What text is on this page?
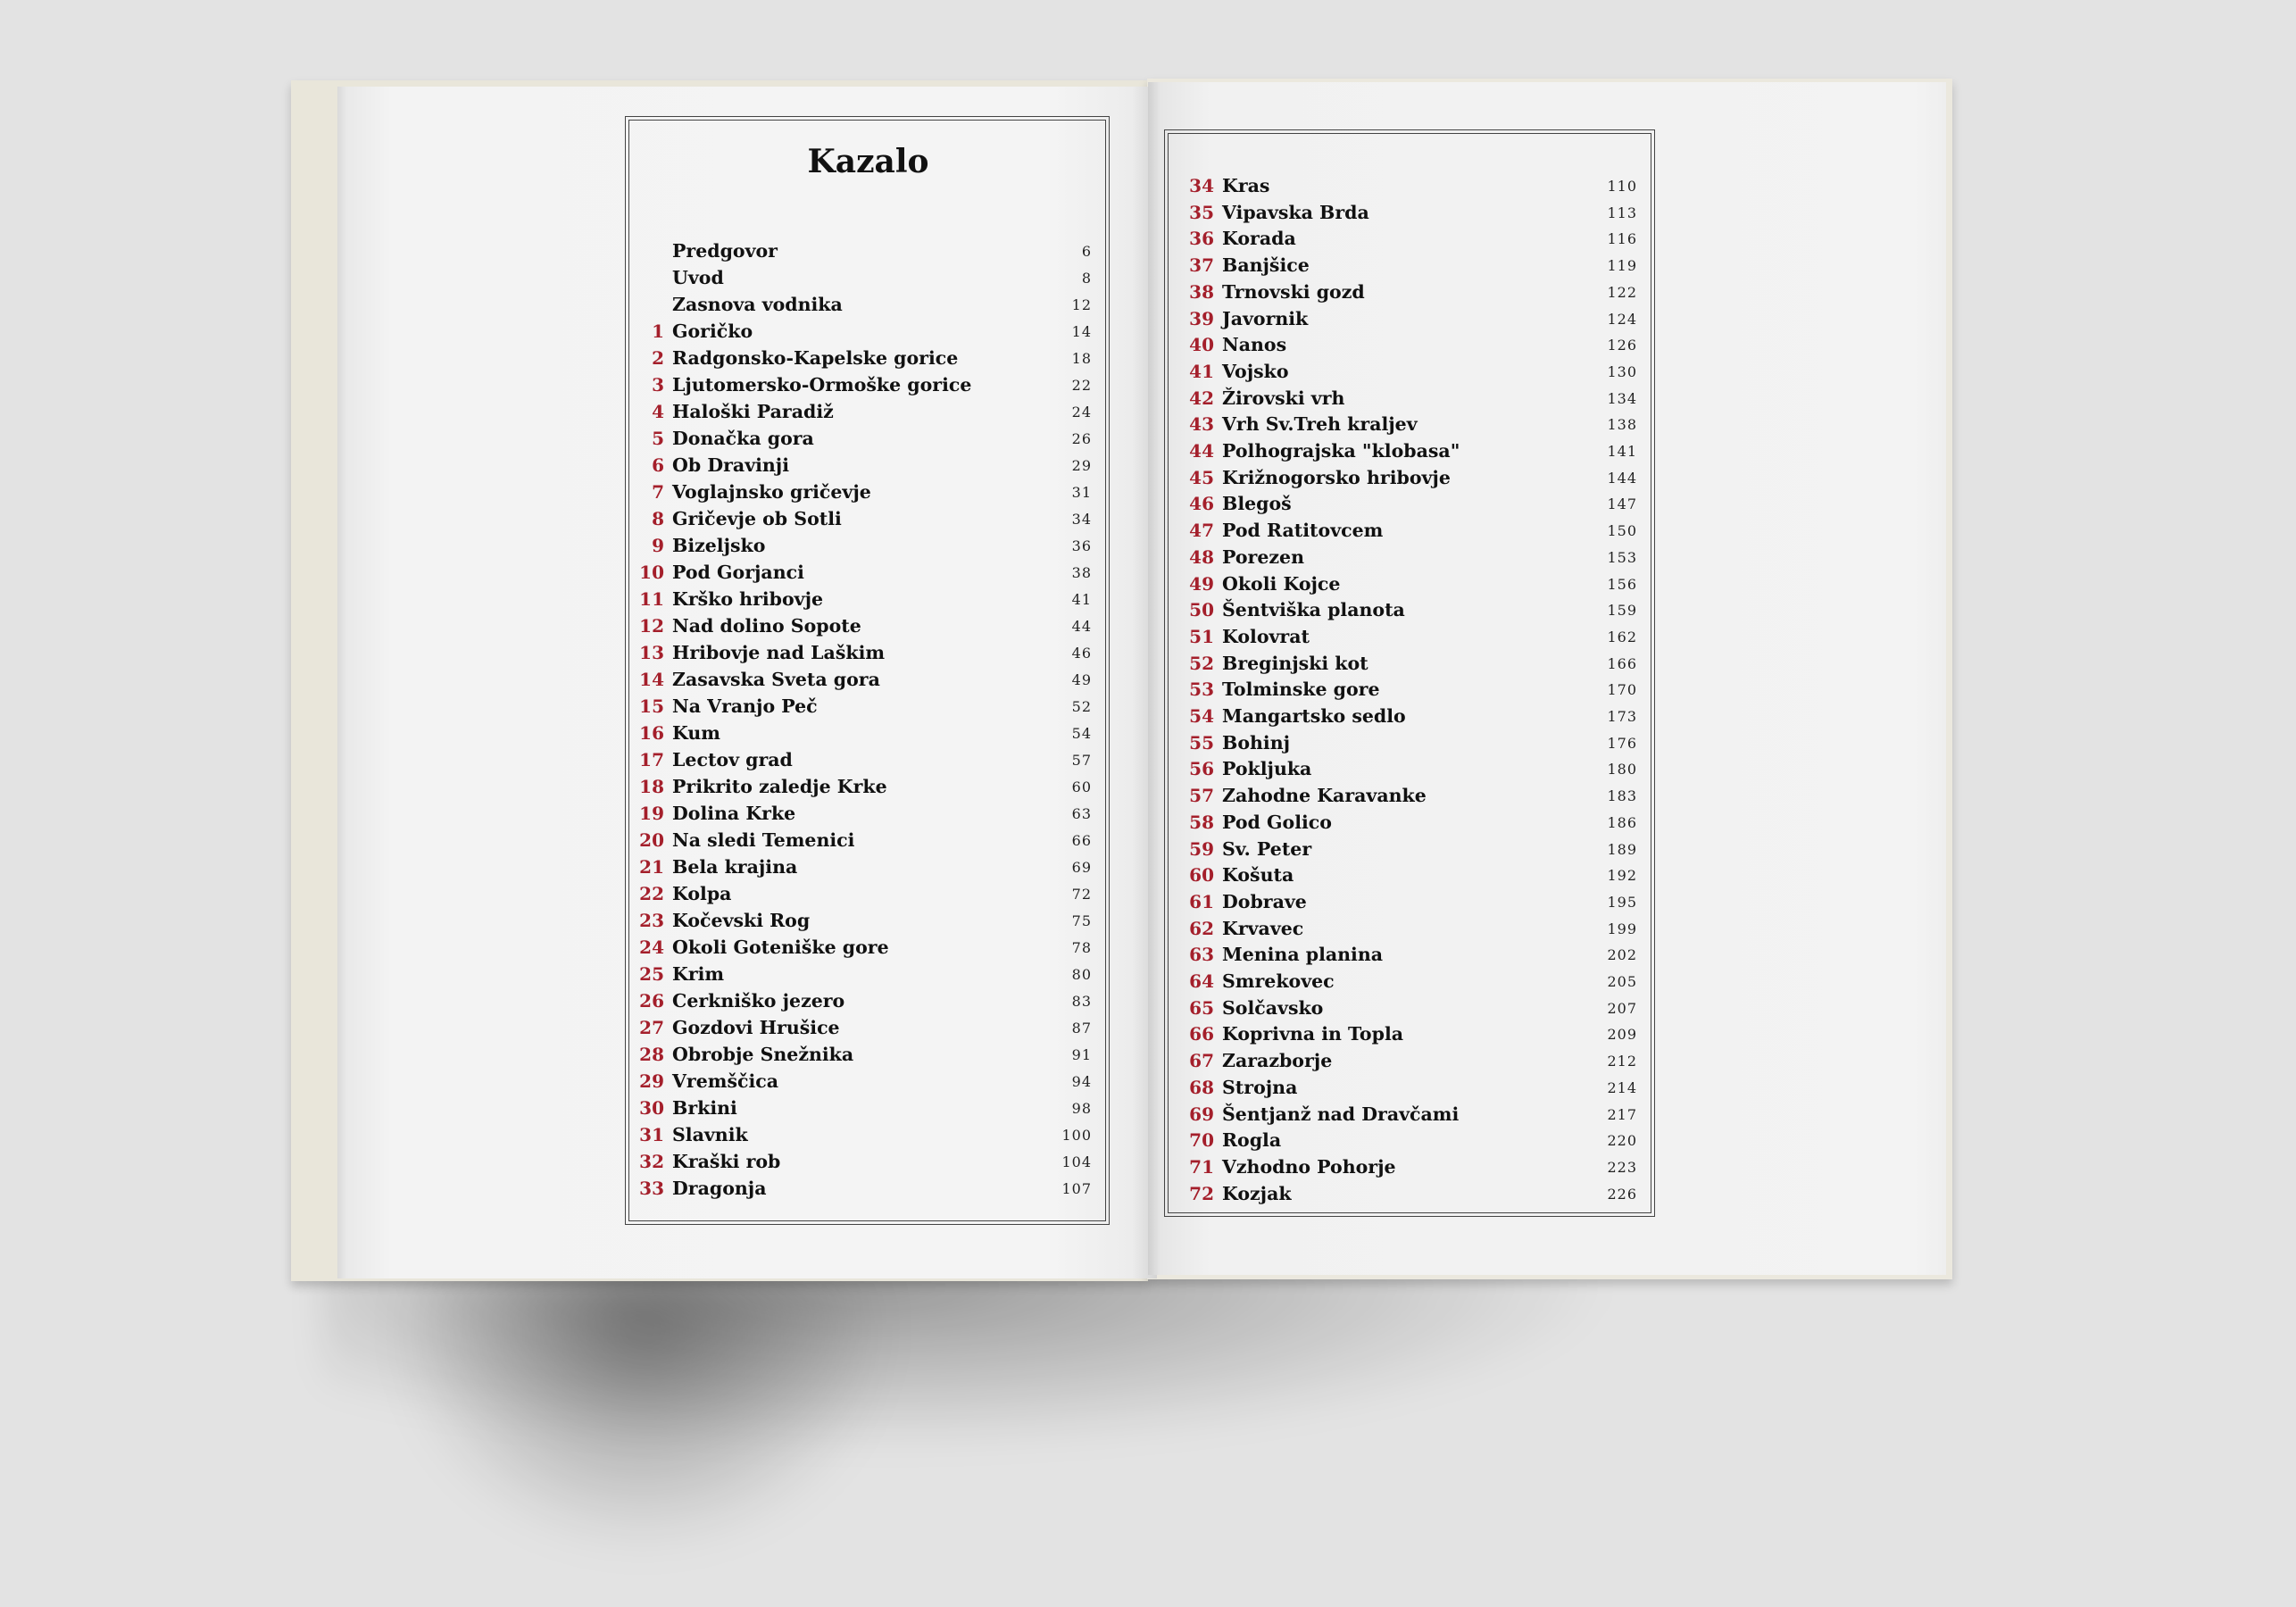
Kazalo
Predgovor	6
Uvod	8
Zasnova vodnika	12
1 Goričko	14
2 Radgonsko-Kapelske gorice	18
3 Ljutomersko-Ormoške gorice	22
4 Haloški Paradiž	24
5 Donačka gora	26
6 Ob Dravinji	29
7 Voglajnsko gričevje	31
8 Gričevje ob Sotli	34
9 Bizeljsko	36
10 Pod Gorjanci	38
11 Krško hribovje	41
12 Nad dolino Sopote	44
13 Hribovje nad Laškim	46
14 Zasavska Sveta gora	49
15 Na Vranjo Peč	52
16 Kum	54
17 Lectov grad	57
18 Prikrito zaledje Krke	60
19 Dolina Krke	63
20 Na sledi Temenici	66
21 Bela krajina	69
22 Kolpa	72
23 Kočevski Rog	75
24 Okoli Goteniške gore	78
25 Krim	80
26 Cerkniško jezero	83
27 Gozdovi Hrušice	87
28 Obrobje Snežnika	91
29 Vremščica	94
30 Brkini	98
31 Slavnik	100
32 Kraški rob	104
33 Dragonja	107
34 Kras	110
35 Vipavska Brda	113
36 Korada	116
37 Banjšice	119
38 Trnovski gozd	122
39 Javornik	124
40 Nanos	126
41 Vojsko	130
42 Žirovski vrh	134
43 Vrh Sv.Treh kraljev	138
44 Polhograjska "klobasa"	141
45 Križnogorsko hribovje	144
46 Blegoš	147
47 Pod Ratitovcem	150
48 Porezen	153
49 Okoli Kojce	156
50 Šentviška planota	159
51 Kolovrat	162
52 Breginjski kot	166
53 Tolminske gore	170
54 Mangartsko sedlo	173
55 Bohinj	176
56 Pokljuka	180
57 Zahodne Karavanke	183
58 Pod Golico	186
59 Sv. Peter	189
60 Košuta	192
61 Dobrave	195
62 Krvavec	199
63 Menina planina	202
64 Smrekovec	205
65 Solčavsko	207
66 Koprivna in Topla	209
67 Zarazborje	212
68 Strojna	214
69 Šentjanž nad Dravčami	217
70 Rogla	220
71 Vzhodno Pohorje	223
72 Kozjak	226
